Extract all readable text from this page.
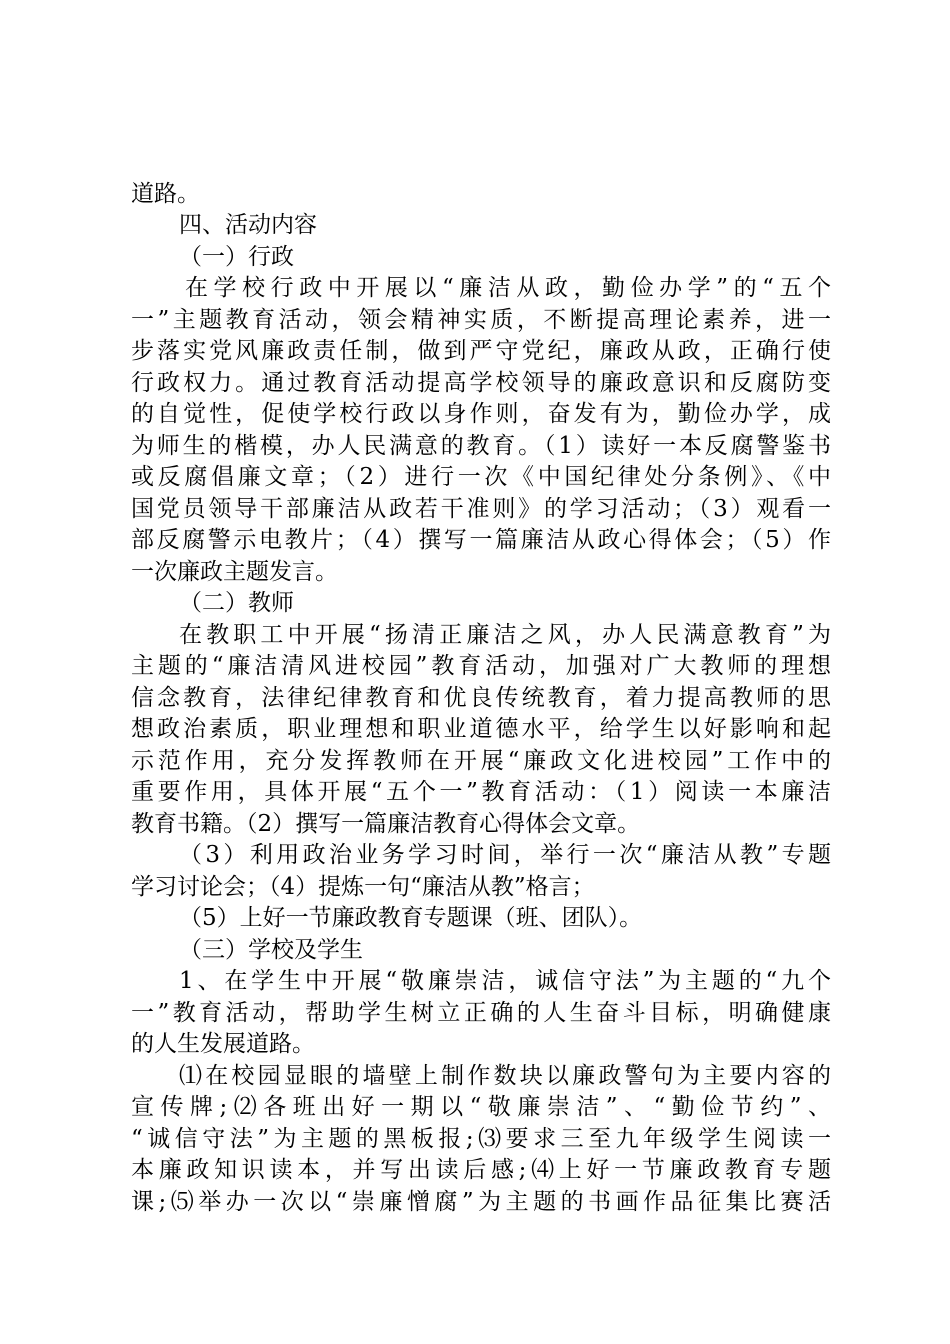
道路。
四、活动内容
（一）行政
在学校行政中开展以“廉洁从政，勤俭办学”的“五个
一”主题教育活动，领会精神实质，不断提高理论素养，进一
步落实党风廉政责任制，做到严守党纪，廉政从政，正确行使
行政权力。通过教育活动提高学校领导的廉政意识和反腐防变
的自觉性，促使学校行政以身作则，奋发有为，勤俭办学，成
为师生的楷模，办人民满意的教育。（1）读好一本反腐警鉴书
或反腐倡廉文章；（2）进行一次《中国纪律处分条例》、《中
国党员领导干部廉洁从政若干准则》的学习活动；（3）观看一
部反腐警示电教片；（4）撰写一篇廉洁从政心得体会；（5）作
一次廉政主题发言。
（二）教师
在教职工中开展“扬清正廉洁之风，办人民满意教育”为
主题的“廉洁清风进校园”教育活动，加强对广大教师的理想
信念教育，法律纪律教育和优良传统教育，着力提高教师的思
想政治素质，职业理想和职业道德水平，给学生以好影响和起
示范作用，充分发挥教师在开展“廉政文化进校园”工作中的
重要作用，具体开展“五个一”教育活动：（1）阅读一本廉洁
教育书籍。（2）撰写一篇廉洁教育心得体会文章。
（3）利用政治业务学习时间，举行一次“廉洁从教”专题
学习讨论会；（4）提炼一句“廉洁从教”格言；
（5）上好一节廉政教育专题课（班、团队）。
（三）学校及学生
1、在学生中开展“敬廉崇洁，诚信守法”为主题的“九个
一”教育活动，帮助学生树立正确的人生奋斗目标，明确健康
的人生发展道路。
⑴在校园显眼的墙壁上制作数块以廉政警句为主要内容的
宣传牌;⑵各班出好一期以“敬廉崇洁”、“勤俭节约”、
“诚信守法”为主题的黑板报;⑶要求三至九年级学生阅读一
本廉政知识读本，并写出读后感;⑷上好一节廉政教育专题
课;⑸举办一次以“崇廉憎腐”为主题的书画作品征集比赛活
